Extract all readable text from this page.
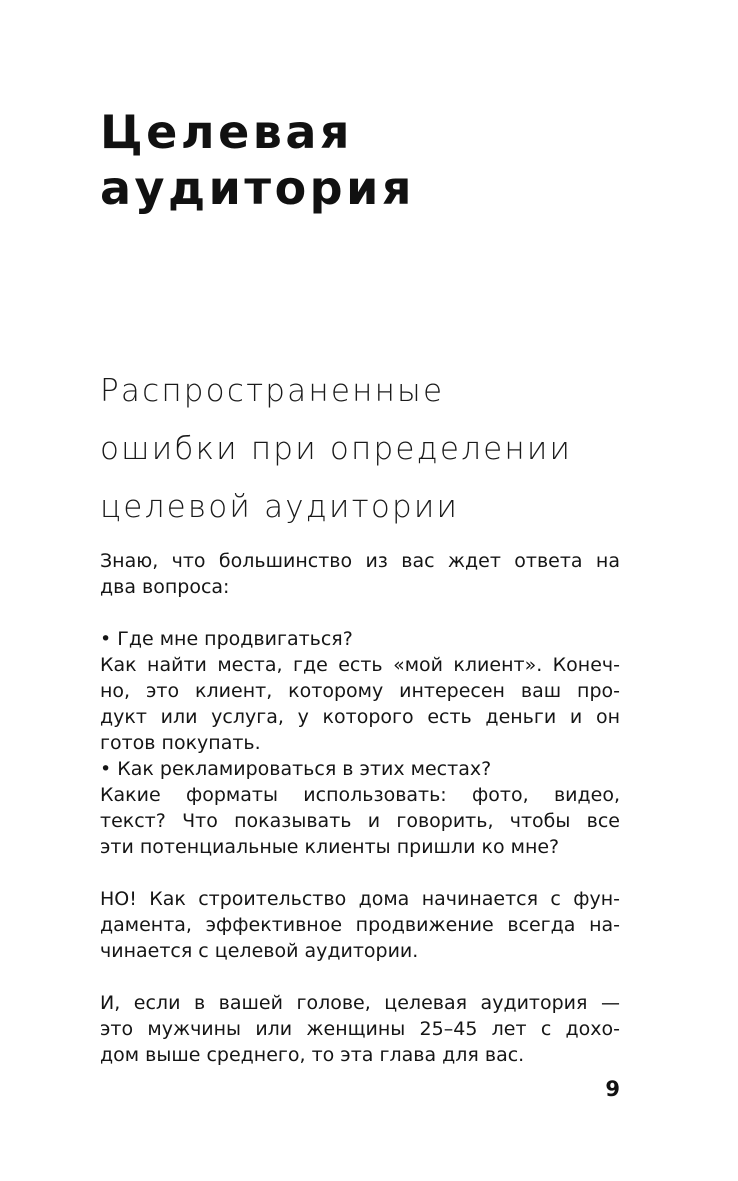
Целевая
аудитория
Распространенные
ошибки при определении
целевой аудитории
Знаю, что большинство из вас ждет ответа на
два вопроса:
• Где мне продвигаться?
Как найти места, где есть «мой клиент». Конеч-
но, это клиент, которому интересен ваш про-
дукт или услуга, у которого есть деньги и он
готов покупать.
• Как рекламироваться в этих местах?
Какие форматы использовать: фото, видео,
текст? Что показывать и говорить, чтобы все
эти потенциальные клиенты пришли ко мне?
НО! Как строительство дома начинается с фун-
дамента, эффективное продвижение всегда на-
чинается с целевой аудитории.
И, если в вашей голове, целевая аудитория —
это мужчины или женщины 25–45 лет с дохо-
дом выше среднего, то эта глава для вас.
9
